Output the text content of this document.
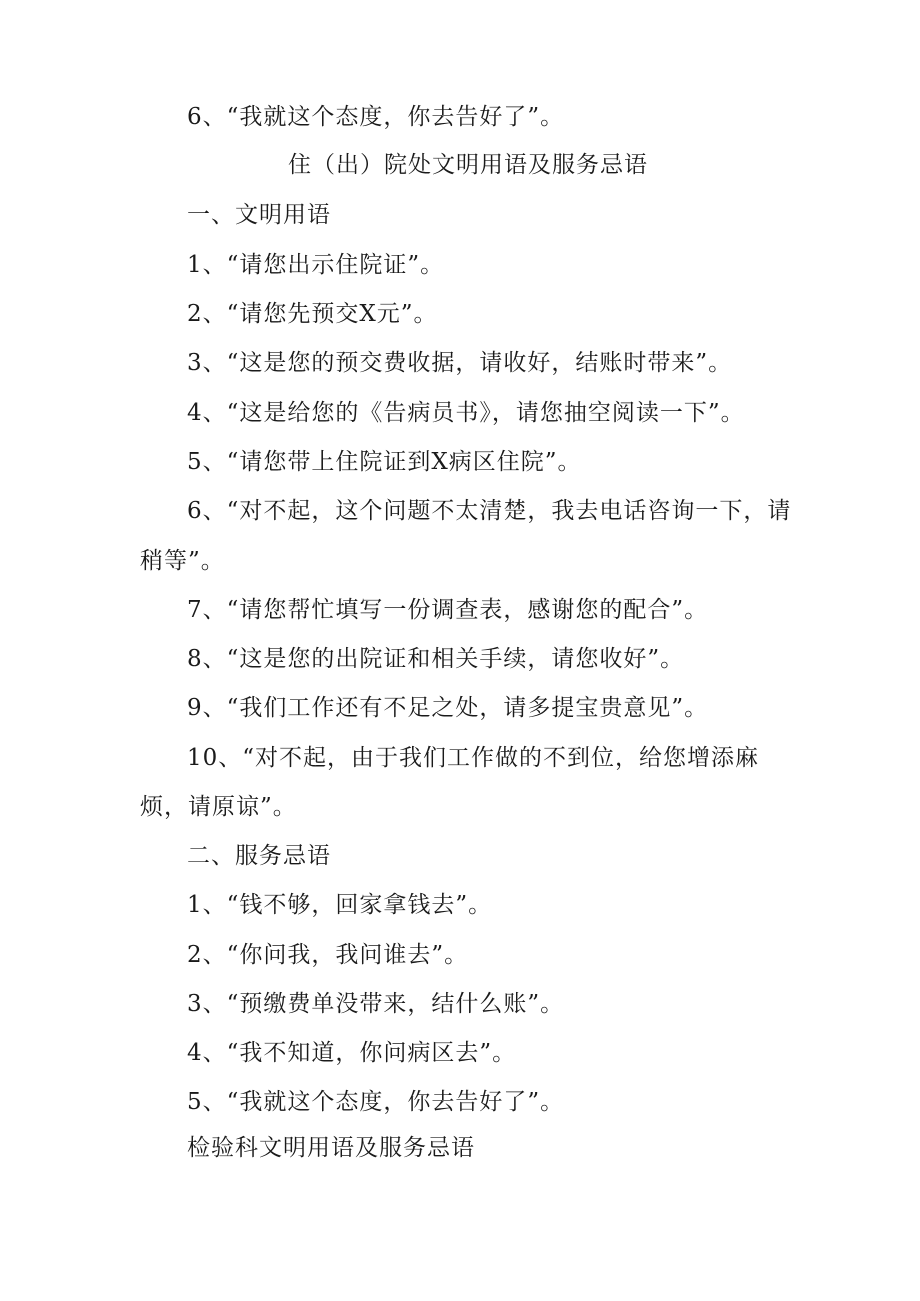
6、“我就这个态度，你去告好了”。
住（出）院处文明用语及服务忌语
一、文明用语
1、“请您出示住院证”。
2、“请您先预交X元”。
3、“这是您的预交费收据，请收好，结账时带来”。
4、“这是给您的《告病员书》，请您抽空阅读一下”。
5、“请您带上住院证到X病区住院”。
6、“对不起，这个问题不太清楚，我去电话咨询一下，请
稍等”。
7、“请您帮忙填写一份调查表，感谢您的配合”。
8、“这是您的出院证和相关手续，请您收好”。
9、“我们工作还有不足之处，请多提宝贵意见”。
10、“对不起，由于我们工作做的不到位，给您增添麻
烦，请原谅”。
二、服务忌语
1、“钱不够，回家拿钱去”。
2、“你问我，我问谁去”。
3、“预缴费单没带来，结什么账”。
4、“我不知道，你问病区去”。
5、“我就这个态度，你去告好了”。
检验科文明用语及服务忌语
